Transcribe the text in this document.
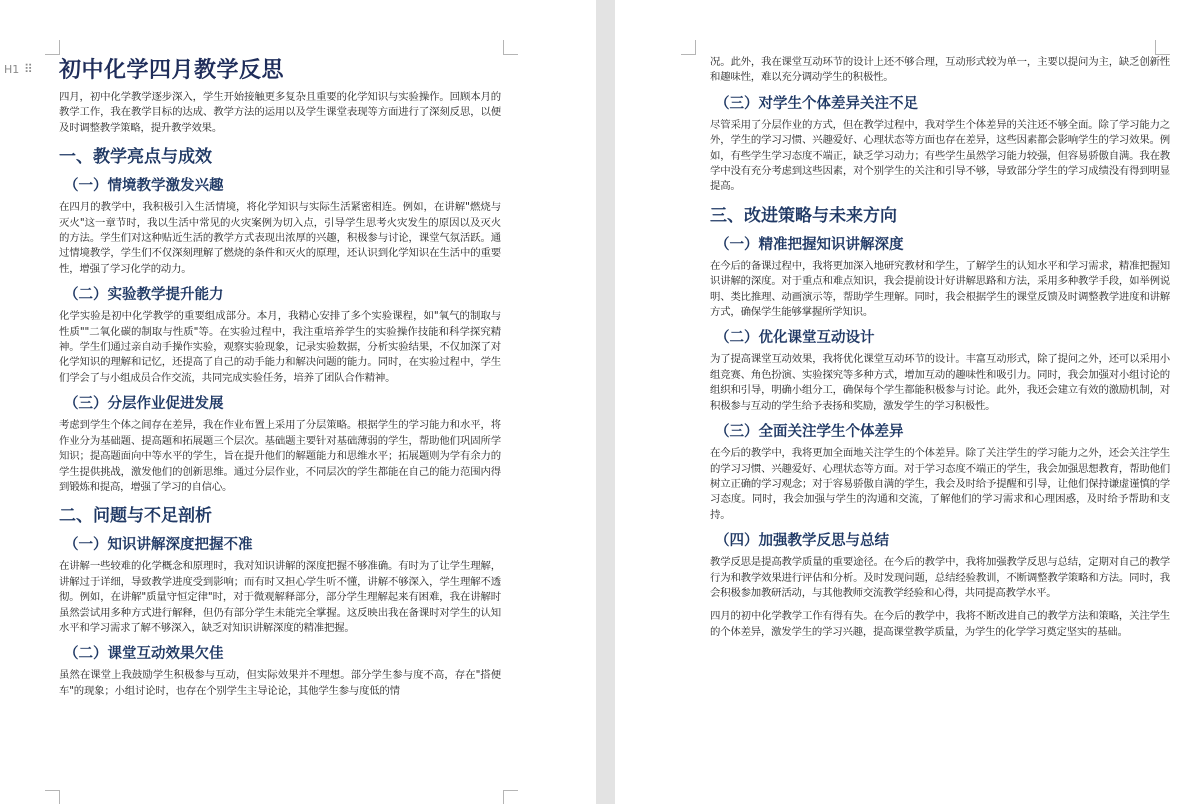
H1 ⠿ 初中化学四月教学反思
四月，初中化学教学逐步深入，学生开始接触更多复杂且重要的化学知识与实验操作。回顾本月的教学工作，我在教学目标的达成、教学方法的运用以及学生课堂表现等方面进行了深刻反思，以便及时调整教学策略，提升教学效果。
一、教学亮点与成效
（一）情境教学激发兴趣
在四月的教学中，我积极引入生活情境，将化学知识与实际生活紧密相连。例如，在讲解"燃烧与灭火"这一章节时，我以生活中常见的火灾案例为切入点，引导学生思考火灾发生的原因以及灭火的方法。学生们对这种贴近生活的教学方式表现出浓厚的兴趣，积极参与讨论，课堂气氛活跃。通过情境教学，学生们不仅深刻理解了燃烧的条件和灭火的原理，还认识到化学知识在生活中的重要性，增强了学习化学的动力。
（二）实验教学提升能力
化学实验是初中化学教学的重要组成部分。本月，我精心安排了多个实验课程，如"氧气的制取与性质""二氧化碳的制取与性质"等。在实验过程中，我注重培养学生的实验操作技能和科学探究精神。学生们通过亲自动手操作实验，观察实验现象，记录实验数据，分析实验结果，不仅加深了对化学知识的理解和记忆，还提高了自己的动手能力和解决问题的能力。同时，在实验过程中，学生们学会了与小组成员合作交流，共同完成实验任务，培养了团队合作精神。
（三）分层作业促进发展
考虑到学生个体之间存在差异，我在作业布置上采用了分层策略。根据学生的学习能力和水平，将作业分为基础题、提高题和拓展题三个层次。基础题主要针对基础薄弱的学生，帮助他们巩固所学知识；提高题面向中等水平的学生，旨在提升他们的解题能力和思维水平；拓展题则为学有余力的学生提供挑战，激发他们的创新思维。通过分层作业，不同层次的学生都能在自己的能力范围内得到锻炼和提高，增强了学习的自信心。
二、问题与不足剖析
（一）知识讲解深度把握不准
在讲解一些较难的化学概念和原理时，我对知识讲解的深度把握不够准确。有时为了让学生理解，讲解过于详细，导致教学进度受到影响；而有时又担心学生听不懂，讲解不够深入，学生理解不透彻。例如，在讲解"质量守恒定律"时，对于微观解释部分，部分学生理解起来有困难，我在讲解时虽然尝试用多种方式进行解释，但仍有部分学生未能完全掌握。这反映出我在备课时对学生的认知水平和学习需求了解不够深入，缺乏对知识讲解深度的精准把握。
（二）课堂互动效果欠佳
虽然在课堂上我鼓励学生积极参与互动，但实际效果并不理想。部分学生参与度不高，存在"搭便车"的现象；小组讨论时，也存在个别学生主导论论，其他学生参与度低的情
况。此外，我在课堂互动环节的设计上还不够合理，互动形式较为单一，主要以提问为主，缺乏创新性和趣味性，难以充分调动学生的积极性。
（三）对学生个体差异关注不足
尽管采用了分层作业的方式，但在教学过程中，我对学生个体差异的关注还不够全面。除了学习能力之外，学生的学习习惯、兴趣爱好、心理状态等方面也存在差异，这些因素都会影响学生的学习效果。例如，有些学生学习态度不端正，缺乏学习动力；有些学生虽然学习能力较强，但容易骄傲自满。我在教学中没有充分考虑到这些因素，对个别学生的关注和引导不够，导致部分学生的学习成绩没有得到明显提高。
三、改进策略与未来方向
（一）精准把握知识讲解深度
在今后的备课过程中，我将更加深入地研究教材和学生，了解学生的认知水平和学习需求，精准把握知识讲解的深度。对于重点和难点知识，我会提前设计好讲解思路和方法，采用多种教学手段，如举例说明、类比推理、动画演示等，帮助学生理解。同时，我会根据学生的课堂反馈及时调整教学进度和讲解方式，确保学生能够掌握所学知识。
（二）优化课堂互动设计
为了提高课堂互动效果，我将优化课堂互动环节的设计。丰富互动形式，除了提问之外，还可以采用小组竞赛、角色扮演、实验探究等多种方式，增加互动的趣味性和吸引力。同时，我会加强对小组讨论的组织和引导，明确小组分工，确保每个学生都能积极参与讨论。此外，我还会建立有效的激励机制，对积极参与互动的学生给予表扬和奖励，激发学生的学习积极性。
（三）全面关注学生个体差异
在今后的教学中，我将更加全面地关注学生的个体差异。除了关注学生的学习能力之外，还会关注学生的学习习惯、兴趣爱好、心理状态等方面。对于学习态度不端正的学生，我会加强思想教育，帮助他们树立正确的学习观念；对于容易骄傲自满的学生，我会及时给予提醒和引导，让他们保持谦虚谨慎的学习态度。同时，我会加强与学生的沟通和交流，了解他们的学习需求和心理困惑，及时给予帮助和支持。
（四）加强教学反思与总结
教学反思是提高教学质量的重要途径。在今后的教学中，我将加强教学反思与总结，定期对自己的教学行为和教学效果进行评估和分析。及时发现问题，总结经验教训，不断调整教学策略和方法。同时，我会积极参加教研活动，与其他教师交流教学经验和心得，共同提高教学水平。
四月的初中化学教学工作有得有失。在今后的教学中，我将不断改进自己的教学方法和策略，关注学生的个体差异，激发学生的学习兴趣，提高课堂教学质量，为学生的化学学习奠定坚实的基础。
